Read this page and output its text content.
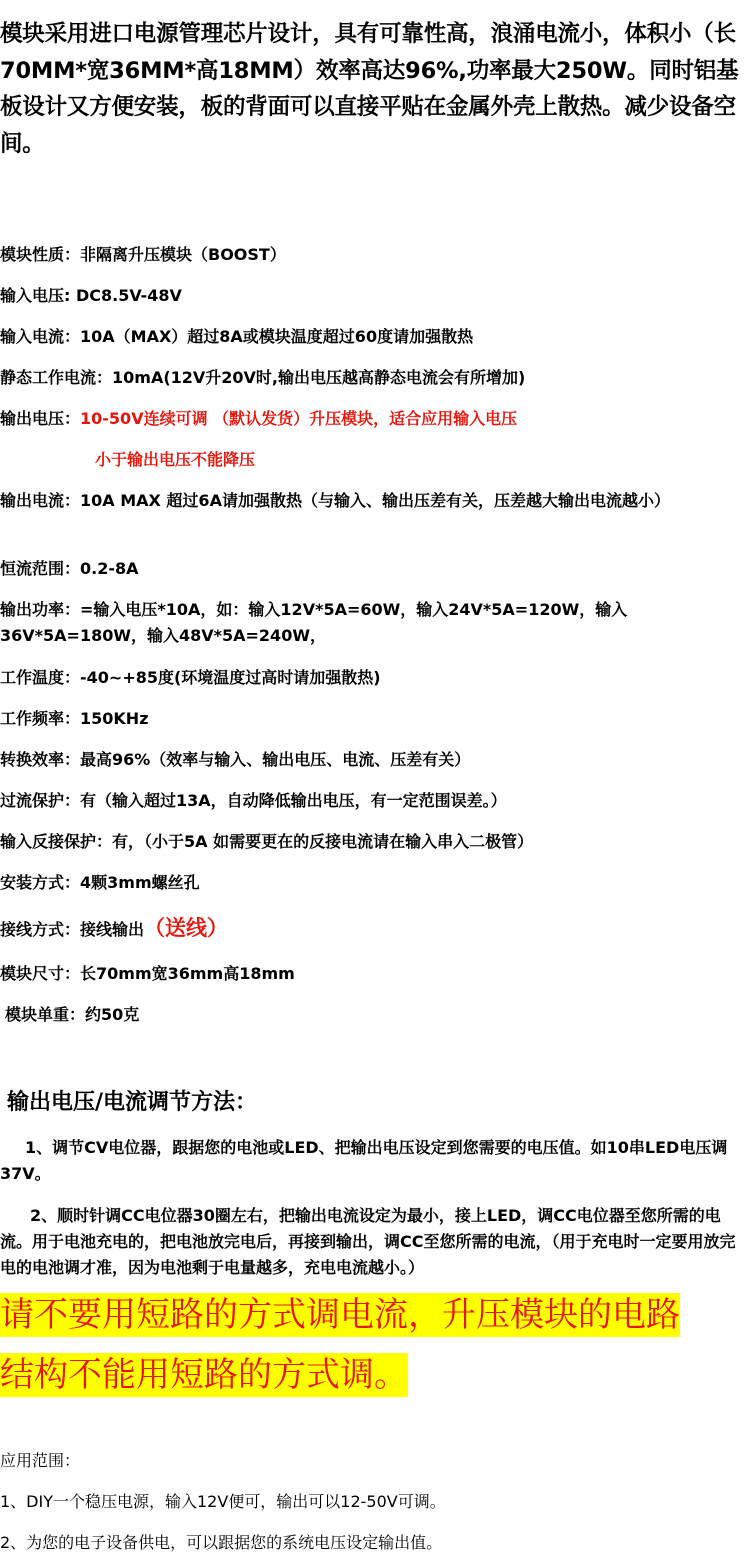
模块采用进口电源管理芯片设计，具有可靠性高，浪涌电流小，体积小（长70MM*宽36MM*高18MM）效率高达96%,功率最大250W。同时铝基板设计又方便安装，板的背面可以直接平贴在金属外壳上散热。减少设备空间。
模块性质：非隔离升压模块（BOOST）
输入电压: DC8.5V-48V
输入电流：10A（MAX）超过8A或模块温度超过60度请加强散热
静态工作电流：10mA(12V升20V时,输出电压越高静态电流会有所增加)
输出电压：10-50V连续可调 （默认发货）升压模块，适合应用输入电压
小于输出电压不能降压
输出电流：10A MAX 超过6A请加强散热（与输入、输出压差有关，压差越大输出电流越小）
恒流范围：0.2-8A
输出功率：=输入电压*10A，如：输入12V*5A=60W，输入24V*5A=120W，输入36V*5A=180W，输入48V*5A=240W，
工作温度：-40~+85度(环境温度过高时请加强散热)
工作频率：150KHz
转换效率：最高96%（效率与输入、输出电压、电流、压差有关）
过流保护：有（输入超过13A，自动降低输出电压，有一定范围误差。）
输入反接保护：有，（小于5A 如需要更在的反接电流请在输入串入二极管）
安装方式：4颗3mm螺丝孔
接线方式：接线输出（送线）
模块尺寸：长70mm宽36mm高18mm
模块单重：约50克
输出电压/电流调节方法：
1、调节CV电位器，跟据您的电池或LED、把输出电压设定到您需要的电压值。如10串LED电压调37V。
2、顺时针调CC电位器30圈左右，把输出电流设定为最小，接上LED，调CC电位器至您所需的电流。用于电池充电的，把电池放完电后，再接到输出，调CC至您所需的电流，（用于充电时一定要用放完电的电池调才准，因为电池剩于电量越多，充电电流越小。）
请不要用短路的方式调电流，升压模块的电路
结构不能用短路的方式调。
应用范围：
1、DIY一个稳压电源，输入12V便可，输出可以12-50V可调。
2、为您的电子设备供电，可以跟据您的系统电压设定输出值。
